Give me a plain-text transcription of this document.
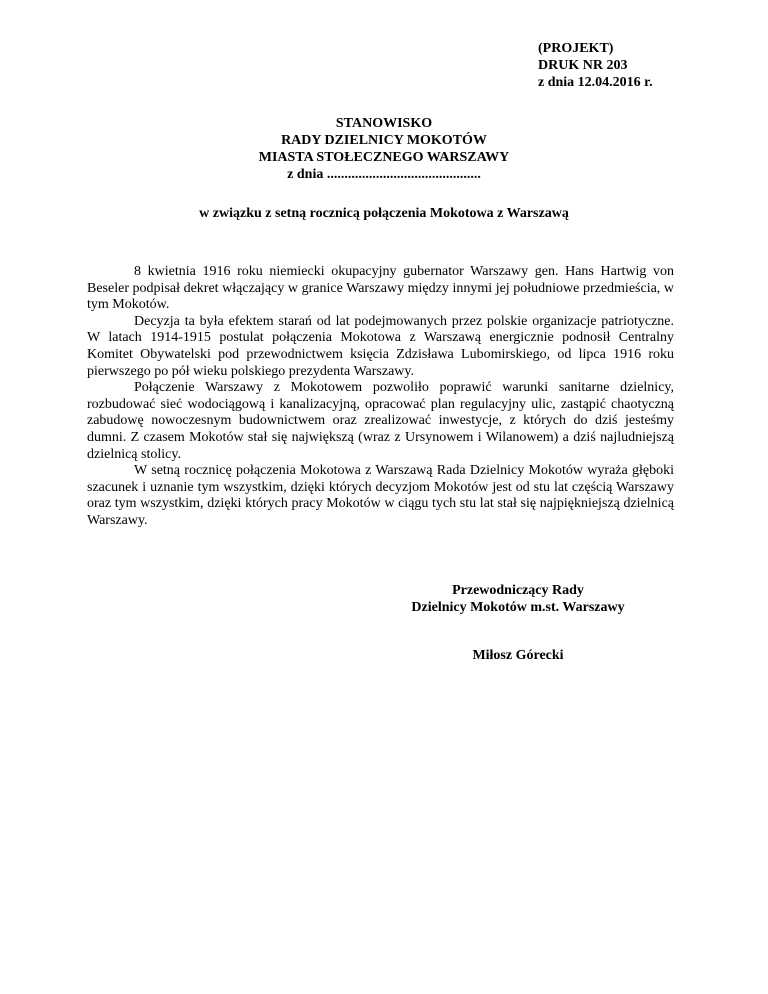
(PROJEKT)
DRUK NR 203
z dnia 12.04.2016 r.
STANOWISKO
RADY DZIELNICY MOKOTÓW
MIASTA STOŁECZNEGO WARSZAWY
z dnia ............................................
w związku z setną rocznicą połączenia Mokotowa z Warszawą

8 kwietnia 1916 roku niemiecki okupacyjny gubernator Warszawy gen. Hans Hartwig von Beseler podpisał dekret włączający w granice Warszawy między innymi jej południowe przedmieścia, w tym Mokotów.

Decyzja ta była efektem starań od lat podejmowanych przez polskie organizacje patriotyczne. W latach 1914-1915 postulat połączenia Mokotowa z Warszawą energicznie podnosił Centralny Komitet Obywatelski pod przewodnictwem księcia Zdzisława Lubomirskiego, od lipca 1916 roku pierwszego po pół wieku polskiego prezydenta Warszawy.

Połączenie Warszawy z Mokotowem pozwoliło poprawić warunki sanitarne dzielnicy, rozbudować sieć wodociągową i kanalizacyjną, opracować plan regulacyjny ulic, zastąpić chaotyczną zabudowę nowoczesnym budownictwem oraz zrealizować inwestycje, z których do dziś jesteśmy dumni. Z czasem Mokotów stał się największą (wraz z Ursynowem i Wilanowem) a dziś najludniejszą dzielnicą stolicy.

W setną rocznicę połączenia Mokotowa z Warszawą Rada Dzielnicy Mokotów wyraża głęboki szacunek i uznanie tym wszystkim, dzięki których decyzjom Mokotów jest od stu lat częścią Warszawy oraz tym wszystkim, dzięki których pracy Mokotów w ciągu tych stu lat stał się najpiękniejszą dzielnicą Warszawy.

Przewodniczący Rady
Dzielnicy Mokotów m.st. Warszawy
Miłosz Górecki
